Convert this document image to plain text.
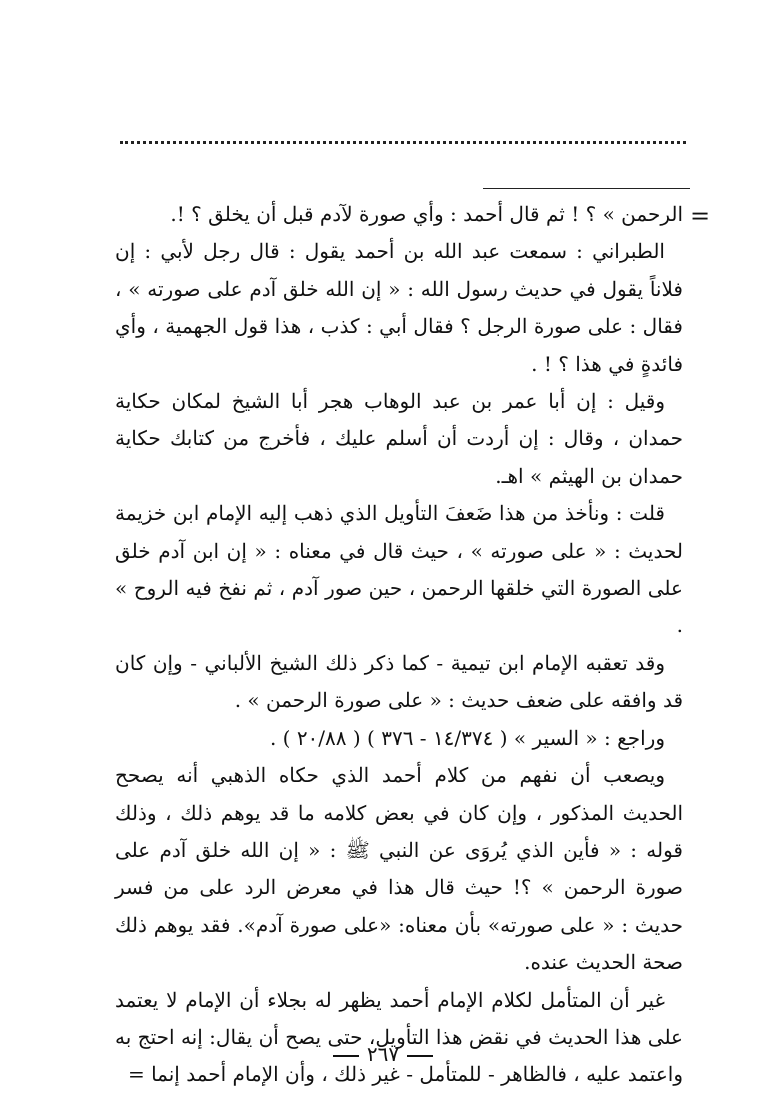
=

الرحمن » ؟ ! ثم قال أحمد : وأي صورة لآدم قبل أن يخلق ؟ !.

الطبراني : سمعت عبد الله بن أحمد يقول : قال رجل لأبي : إن فلاناً يقول في حديث رسول الله : « إن الله خلق آدم على صورته » ، فقال : على صورة الرجل ؟ فقال أبي : كذب ، هذا قول الجهمية ، وأي فائدةٍ في هذا ؟ ! .

وقيل : إن أبا عمر بن عبد الوهاب هجر أبا الشيخ لمكان حكاية حمدان ، وقال : إن أردت أن أسلم عليك ، فأخرج من كتابك حكاية حمدان بن الهيثم » اهـ.

قلت : ونأخذ من هذا ضَعفَ التأويل الذي ذهب إليه الإمام ابن خزيمة لحديث : « على صورته » ، حيث قال في معناه : « إن ابن آدم خلق على الصورة التي خلقها الرحمن ، حين صور آدم ، ثم نفخ فيه الروح » .

وقد تعقبه الإمام ابن تيمية - كما ذكر ذلك الشيخ الألباني - وإن كان قد وافقه على ضعف حديث : « على صورة الرحمن » .

وراجع : « السير » ( ١٤/٣٧٤ - ٣٧٦ ) ( ٢٠/٨٨ ) .

ويصعب أن نفهم من كلام أحمد الذي حكاه الذهبي أنه يصحح الحديث المذكور ، وإن كان في بعض كلامه ما قد يوهم ذلك ، وذلك قوله : « فأين الذي يُروَى عن النبي ﷺ : « إن الله خلق آدم على صورة الرحمن » ؟! حيث قال هذا في معرض الرد على من فسر حديث : « على صورته» بأن معناه: «على صورة آدم». فقد يوهم ذلك صحة الحديث عنده.

غير أن المتأمل لكلام الإمام أحمد يظهر له بجلاء أن الإمام لا يعتمد على هذا الحديث في نقض هذا التأويل، حتى يصح أن يقال: إنه احتج به واعتمد عليه ، فالظاهر - للمتأمل - غير ذلك ، وأن الإمام أحمد إنما =

٢٦٧
